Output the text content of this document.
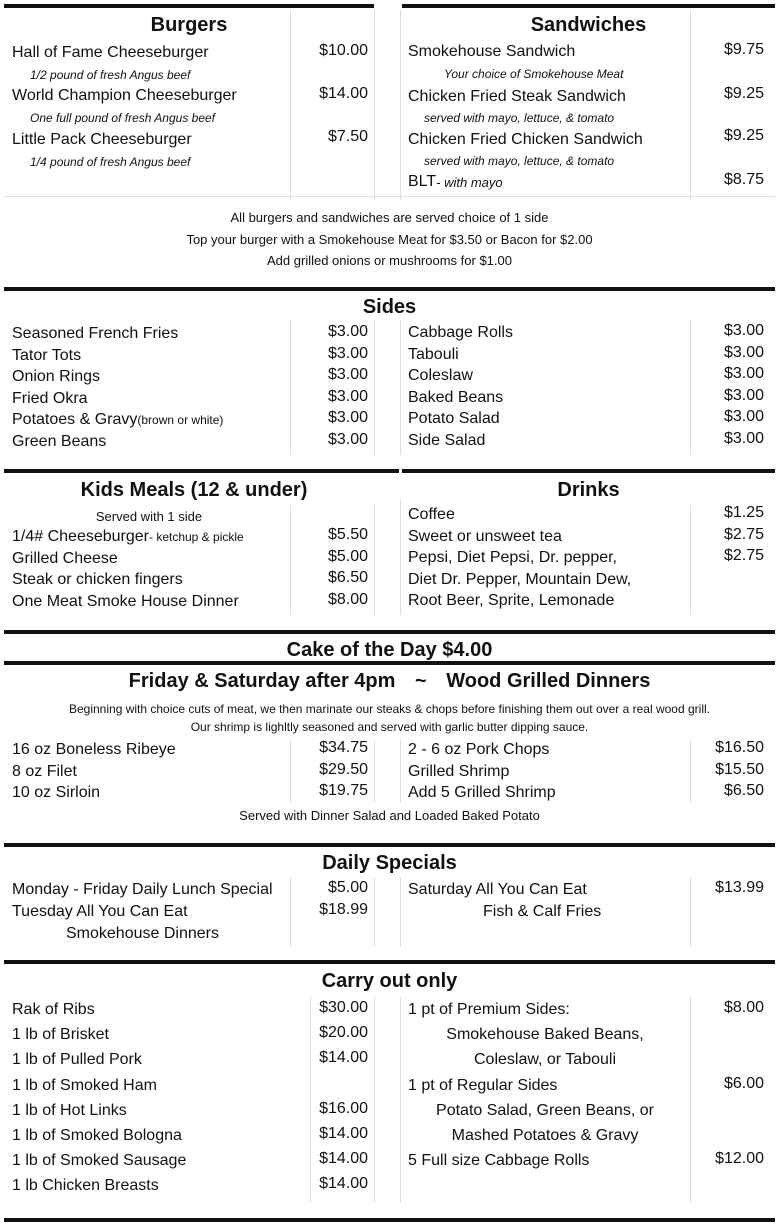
Burgers	Sandwiches
Hall of Fame Cheeseburger	$10.00
1/2 pound of fresh Angus beef
World Champion Cheeseburger	$14.00
One full pound of fresh Angus beef
Little Pack Cheeseburger	$7.50
1/4 pound of fresh Angus beef
Smokehouse Sandwich	$9.75
Your choice of Smokehouse Meat
Chicken Fried Steak Sandwich	$9.25
served with mayo, lettuce, & tomato
Chicken Fried Chicken Sandwich	$9.25
served with mayo, lettuce, & tomato
BLT - with mayo	$8.75
All burgers and sandwiches are served choice of 1 side
Top your burger with a Smokehouse Meat for $3.50 or Bacon for $2.00
Add grilled onions or mushrooms for $1.00
Sides
Seasoned French Fries	$3.00
Tator Tots	$3.00
Onion Rings	$3.00
Fried Okra	$3.00
Potatoes & Gravy (brown or white)	$3.00
Green Beans	$3.00
Cabbage Rolls	$3.00
Tabouli	$3.00
Coleslaw	$3.00
Baked Beans	$3.00
Potato Salad	$3.00
Side Salad	$3.00
Kids Meals (12 & under)	Drinks
Served with 1 side
1/4# Cheeseburger - ketchup & pickle	$5.50
Grilled Cheese	$5.00
Steak or chicken fingers	$6.50
One Meat Smoke House Dinner	$8.00
Coffee	$1.25
Sweet or unsweet tea	$2.75
Pepsi, Diet Pepsi, Dr. pepper,	$2.75
Diet Dr. Pepper, Mountain Dew,
Root Beer, Sprite, Lemonade
Cake of the Day $4.00
Friday & Saturday after 4pm ~ Wood Grilled Dinners
Beginning with choice cuts of meat, we then marinate our steaks & chops before finishing them out over a real wood grill.
Our shrimp is lighltly seasoned and served with garlic butter dipping sauce.
16 oz Boneless Ribeye	$34.75
8 oz Filet	$29.50
10 oz Sirloin	$19.75
2 - 6 oz Pork Chops	$16.50
Grilled Shrimp	$15.50
Add 5 Grilled Shrimp	$6.50
Served with Dinner Salad and Loaded Baked Potato
Daily Specials
Monday - Friday Daily Lunch Special	$5.00
Tuesday All You Can Eat	$18.99
Smokehouse Dinners
Saturday All You Can Eat	$13.99
Fish & Calf Fries
Carry out only
Rak of Ribs	$30.00
1 lb of Brisket	$20.00
1 lb of Pulled Pork	$14.00
1 lb of Smoked Ham
1 lb of Hot Links	$16.00
1 lb of Smoked Bologna	$14.00
1 lb of Smoked Sausage	$14.00
1 lb Chicken Breasts	$14.00
1 pt of Premium Sides:	$8.00
Smokehouse Baked Beans,
Coleslaw, or Tabouli
1 pt of Regular Sides	$6.00
Potato Salad, Green Beans, or
Mashed Potatoes & Gravy
5 Full size Cabbage Rolls	$12.00
